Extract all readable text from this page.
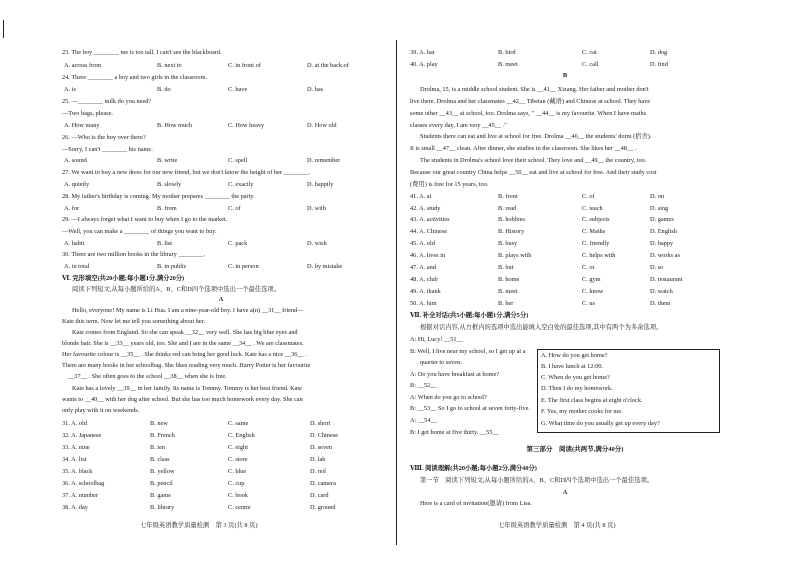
23. The boy ________ me is too tall. I can't see the blackboard.
A. across from	B. next to	C. in front of	D. at the back of
24. There ________ a boy and two girls in the classroom.
A. is	B. do	C. have	D. has
25. —________ milk do you need?
—Two bags, please.
A. How many	B. How much	C. How heavy	D. How old
26. —Who is the boy over there?
—Sorry, I can't ________ his name.
A. sound	B. write	C. spell	D. remember
27. We want to buy a new dress for our new friend, but we don't know the height of her ________.
A. quietly	B. slowly	C. exactly	D. happily
28. My father's birthday is coming. My mother prepares ________ the party.
A. for	B. from	C. of	D. with
29. —I always forget what I want to buy when I go to the market.
—Well, you can make a ________ of things you want to buy.
A. habit	B. list	C. pack	D. wish
30. There are two million books in the library ________.
A. in total	B. in public	C. in person	D. by mistake
Ⅵ. 完形填空(共20小题;每小题1分,满分20分)
阅读下列短文,从每小题所给的A、B、C和D四个选项中选出一个最佳选项。
A
Hello, everyone! My name is Li Hua. I am a nine-year-old boy. I have a(n) __31__ friend—
Kate this term. Now let me tell you something about her.
Kate comes from England. So she can speak __32__ very well. She has big blue eyes and
blonde hair. She is __33__ years old, too. She and I are in the same __34__ . We are classmates.
Her favourite colour is __35__ . She thinks red can bring her good luck. Kate has a nice __36__ .
There are many books in her schoolbag. She likes reading very much. Harry Potter is her favourite
__37__ . She often goes to the school __38__ when she is free.
Kate has a lovely __39__ in her family. Its name is Tommy. Tommy is her best friend. Kate
wants to __40__ with her dog after school. But she has too much homework every day. She can
only play with it on weekends.
31. A. old	B. new	C. same	D. short
32. A. Japanese	B. French	C. English	D. Chinese
33. A. nine	B. ten	C. eight	D. seven
34. A. list	B. class	C. store	D. lab
35. A. black	B. yellow	C. blue	D. red
36. A. schoolbag	B. pencil	C. cup	D. camera
37. A. number	B. game	C. book	D. card
38. A. day	B. library	C. centre	D. ground
七年级英语教学质量检测　第 3 页(共 8 页)
39. A. hat	B. bird	C. cat	D. dog
40. A. play	B. meet	C. call	D. find
B
Drolma, 15, is a middle school student. She is __41__ Xizang. Her father and mother don't
live there. Drolma and her classmates __42__ Tibetan (藏语) and Chinese at school. They have
some other __43__ at school, too. Drolma says, " __44__ is my favourite. When I have maths
classes every day, I am very __45__ ."
Students there can eat and live at school for free. Drolma __46__ the students' dorm (宿舍).
It is small __47__ clean. After dinner, she studies in the classroom. She likes her __48__ .
The students in Drolma's school love their school. They love and __49__ the country, too.
Because our great country China helps __50__ eat and live at school for free. And their study cost
(费用) is free for 15 years, too.
41. A. at	B. from	C. of	D. on
42. A. study	B. read	C. teach	D. sing
43. A. activities	B. hobbies	C. subjects	D. games
44. A. Chinese	B. History	C. Maths	D. English
45. A. old	B. busy	C. friendly	D. happy
46. A. lives in	B. plays with	C. helps with	D. works as
47. A. and	B. but	C. or	D. so
48. A. club	B. home	C. gym	D. restaurant
49. A. thank	B. meet	C. know	D. watch
50. A. him	B. her	C. us	D. them
Ⅶ. 补全对话(共5小题;每小题1分,满分5分)
根据对话内容,从方框内的选项中选出能填入空白处的最佳选项,其中有两个为多余选项。
A: Hi, Lucy! __51__
B: Well, I live near my school, so I get up at a
quarter to seven.
A: Do you have breakfast at home?
B: __52__
A: When do you go to school?
B: __53__ So I go to school at seven forty-five.
A: __54__
B: I get home at five thirty. __55__
第三部分　阅读(共两节,满分40分)
Ⅷ. 阅读理解(共20小题;每小题2分,满分40分)
第一节　阅读下列短文,从每小题所给的A、B、C和D四个选项中选出一个最佳选项。
A
Here is a card of invitation(邀请) from Lisa.
七年级英语教学质量检测　第 4 页(共 8 页)
A. How do you get home?
B. I have lunch at 12:00.
C. When do you get home?
D. Then I do my homework.
E. The first class begins at eight o'clock.
F. Yes, my mother cooks for me.
G. What time do you usually get up every day?
